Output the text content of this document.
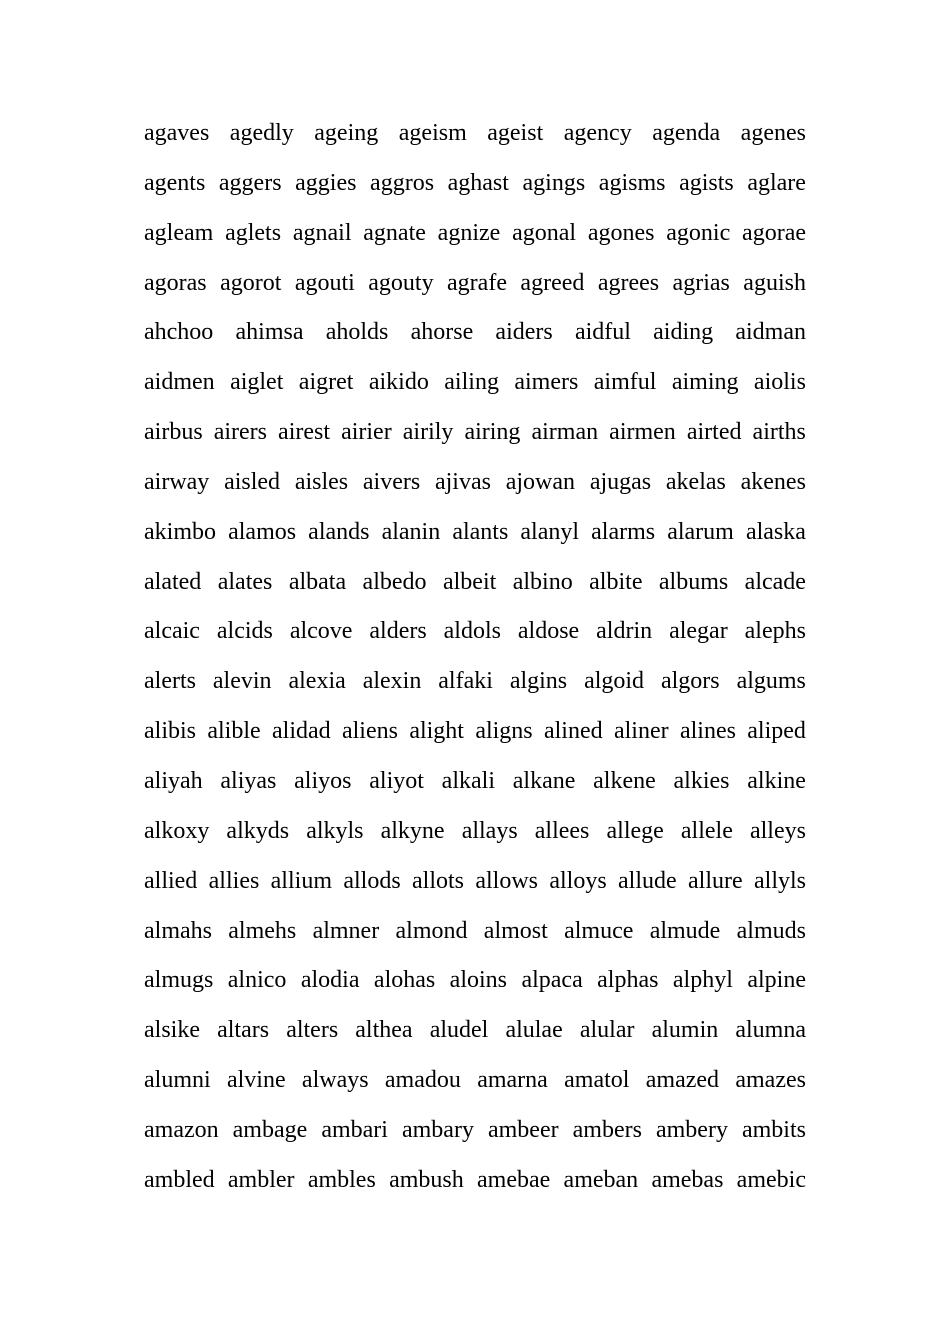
agaves agedly ageing ageism ageist agency agenda agenes
agents aggers aggies aggros aghast agings agisms agists aglare
agleam aglets agnail agnate agnize agonal agones agonic agorae
agoras agorot agouti agouty agrafe agreed agrees agrias aguish
ahchoo ahimsa aholds ahorse aiders aidful aiding aidman
aidmen aiglet aigret aikido ailing aimers aimful aiming aiolis
airbus airers airest airier airily airing airman airmen airted airths
airway aisled aisles aivers ajivas ajowan ajugas akelas akenes
akimbo alamos alands alanin alants alanyl alarms alarum alaska
alated alates albata albedo albeit albino albite albums alcade
alcaic alcids alcove alders aldols aldose aldrin alegar alephs
alerts alevin alexia alexin alfaki algins algoid algors algums
alibis alible alidad aliens alight aligns alined aliner alines aliped
aliyah aliyas aliyos aliyot alkali alkane alkene alkies alkine
alkoxy alkyds alkyls alkyne allays allees allege allele alleys
allied allies allium allods allots allows alloys allude allure allyls
almahs almehs almner almond almost almuce almude almuds
almugs alnico alodia alohas aloins alpaca alphas alphyl alpine
alsike altars alters althea aludel alulae alular alumin alumna
alumni alvine always amadou amarna amatol amazed amazes
amazon ambage ambari ambary ambeer ambers ambery ambits
ambled ambler ambles ambush amebae ameban amebas amebic
